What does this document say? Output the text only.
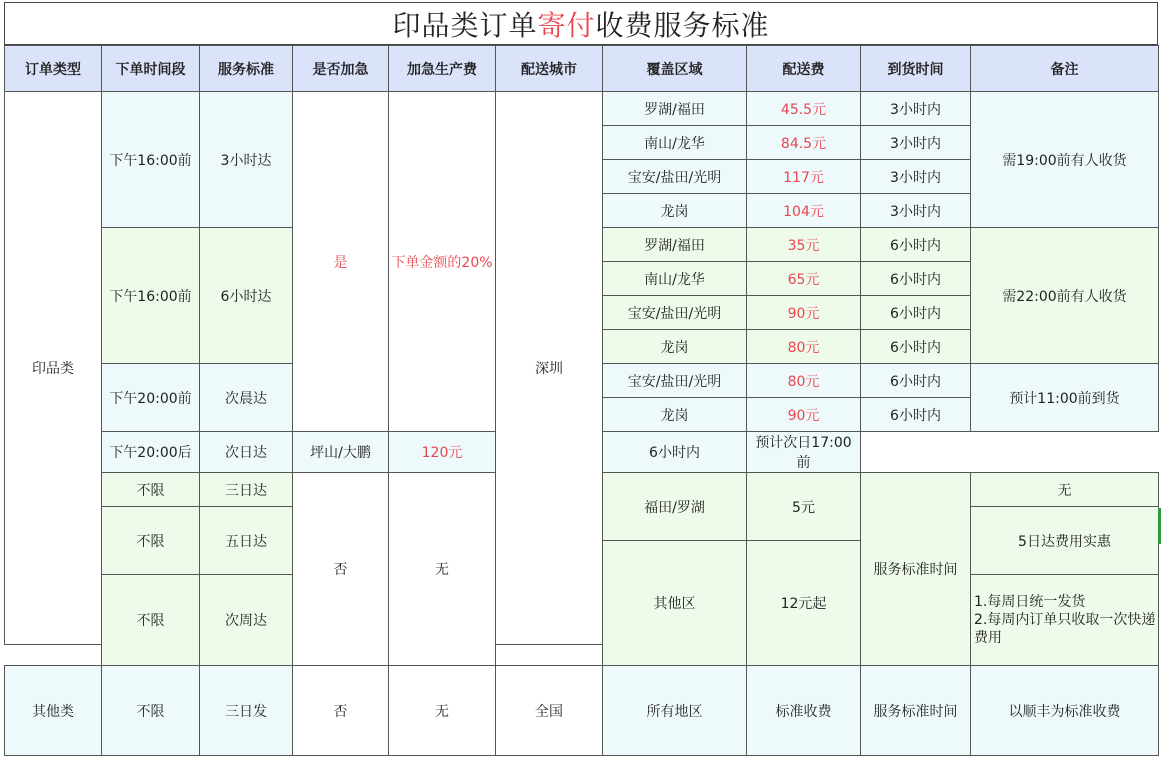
印品类订单 寄付 收费服务标准
订单类型	下单时间段	服务标准	是否加急	加急生产费	配送城市	覆盖区域	配送费	到货时间	备注
印品类	下午16:00前	3小时达	是	下单金额的20%	深圳	罗湖/福田	45.5元	3小时内	需19:00前有人收货
						南山/龙华	84.5元	3小时内	
						宝安/盐田/光明	117元	3小时内	
						龙岗	104元	3小时内	
	下午16:00前	6小时达				罗湖/福田	35元	6小时内	需22:00前有人收货
						南山/龙华	65元	6小时内	
						宝安/盐田/光明	90元	6小时内	
						龙岗	80元	6小时内	
	下午20:00前	次晨达				宝安/盐田/光明	80元	6小时内	预计11:00前到货
						龙岗	90元	6小时内	
	下午20:00后	次日达	坪山/大鹏	120元		6小时内	预计次日17:00前		
	不限	三日达	否	无		福田/罗湖	5元	服务标准时间	无
	不限	五日达							5日达费用实惠
						其他区	12元起		
	不限	次周达							1.每周日统一发货
2.每周内订单只收取一次快递费用

其他类	不限	三日发	否	无	全国	所有地区	标准收费	服务标准时间	以顺丰为标准收费
